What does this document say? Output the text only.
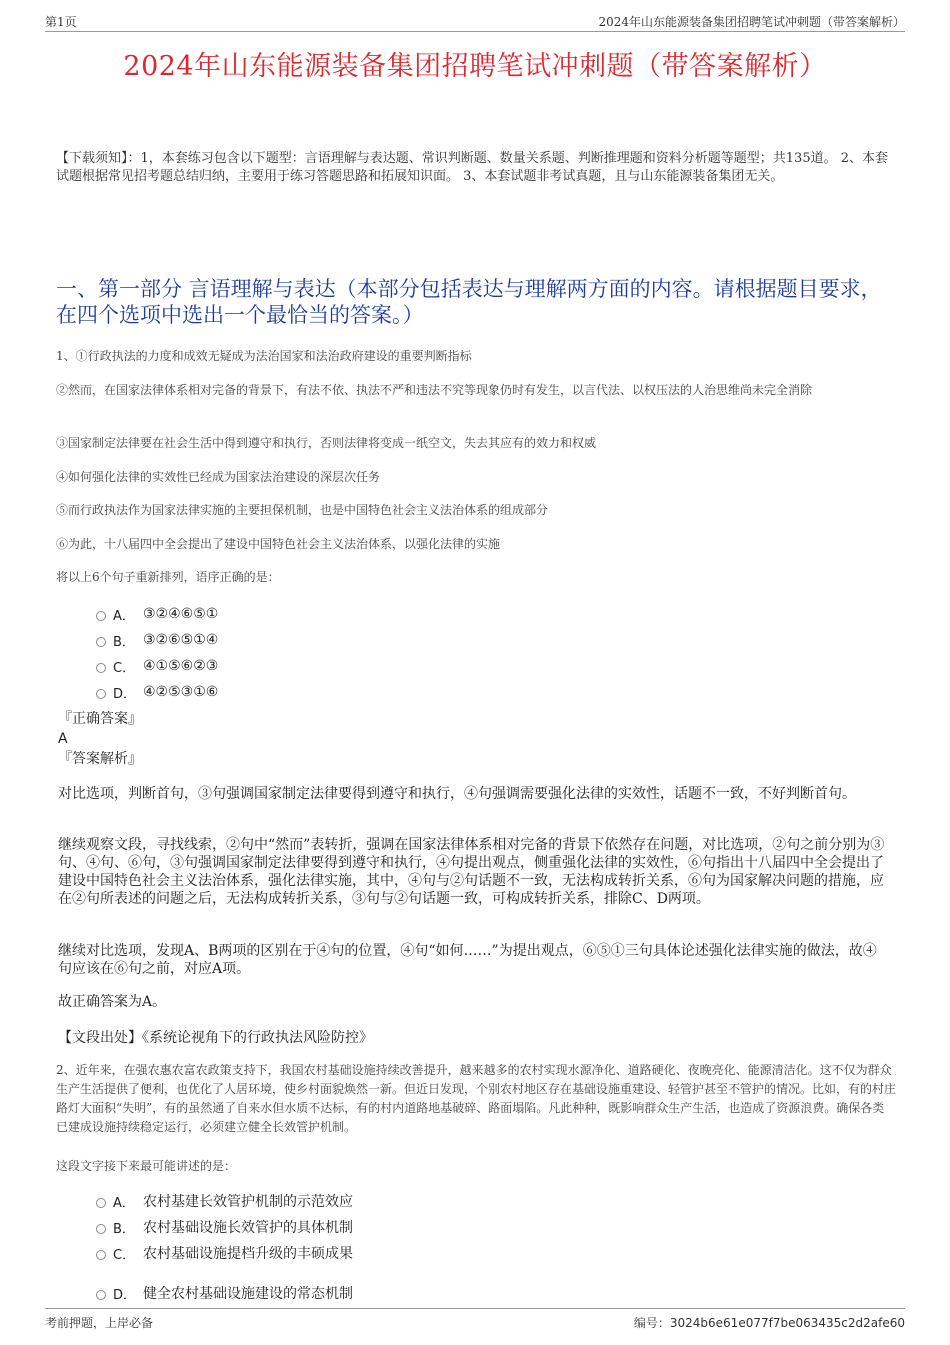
第1页	2024年山东能源装备集团招聘笔试冲刺题（带答案解析）
2024年山东能源装备集团招聘笔试冲刺题（带答案解析）
【下载须知】：1，本套练习包含以下题型：言语理解与表达题、常识判断题、数量关系题、判断推理题和资料分析题等题型；共135道。 2、本套试题根据常见招考题总结归纳，主要用于练习答题思路和拓展知识面。 3、本套试题非考试真题，且与山东能源装备集团无关。
一、第一部分 言语理解与表达（本部分包括表达与理解两方面的内容。请根据题目要求，在四个选项中选出一个最恰当的答案。）
1、①行政执法的力度和成效无疑成为法治国家和法治政府建设的重要判断指标
②然而，在国家法律体系相对完备的背景下，有法不依、执法不严和违法不究等现象仍时有发生，以言代法、以权压法的人治思维尚未完全消除
③国家制定法律要在社会生活中得到遵守和执行，否则法律将变成一纸空文，失去其应有的效力和权威
④如何强化法律的实效性已经成为国家法治建设的深层次任务
⑤而行政执法作为国家法律实施的主要担保机制，也是中国特色社会主义法治体系的组成部分
⑥为此，十八届四中全会提出了建设中国特色社会主义法治体系，以强化法律的实施
将以上6个句子重新排列，语序正确的是：
A． ③②④⑥⑤①
B． ③②⑥⑤①④
C． ④①⑤⑥②③
D． ④②⑤③①⑥
『正确答案』
A
『答案解析』
对比选项，判断首句，③句强调国家制定法律要得到遵守和执行，④句强调需要强化法律的实效性，话题不一致，不好判断首句。
继续观察文段，寻找线索，②句中“然而”表转折，强调在国家法律体系相对完备的背景下依然存在问题，对比选项，②句之前分别为③句、④句、⑥句，③句强调国家制定法律要得到遵守和执行，④句提出观点，侧重强化法律的实效性，⑥句指出十八届四中全会提出了建设中国特色社会主义法治体系，强化法律实施，其中，④句与②句话题不一致，无法构成转折关系，⑥句为国家解决问题的措施，应在②句所表述的问题之后，无法构成转折关系，③句与②句话题一致，可构成转折关系，排除C、D两项。
继续对比选项，发现A、B两项的区别在于④句的位置，④句“如何……”为提出观点，⑥⑤①三句具体论述强化法律实施的做法，故④句应该在⑥句之前，对应A项。
故正确答案为A。
【文段出处】《系统论视角下的行政执法风险防控》
2、近年来，在强农惠农富农政策支持下，我国农村基础设施持续改善提升，越来越多的农村实现水源净化、道路硬化、夜晚亮化、能源清洁化。这不仅为群众生产生活提供了便利，也优化了人居环境，使乡村面貌焕然一新。但近日发现，个别农村地区存在基础设施重建设、轻管护甚至不管护的情况。比如，有的村庄路灯大面积“失明”，有的虽然通了自来水但水质不达标，有的村内道路地基破碎、路面塌陷。凡此种种，既影响群众生产生活，也造成了资源浪费。确保各类已建成设施持续稳定运行，必须建立健全长效管护机制。
这段文字接下来最可能讲述的是：
A． 农村基建长效管护机制的示范效应
B． 农村基础设施长效管护的具体机制
C． 农村基础设施提档升级的丰硕成果
D． 健全农村基础设施建设的常态机制
考前押题，上岸必备	编号：3024b6e61e077f7be063435c2d2afe60
